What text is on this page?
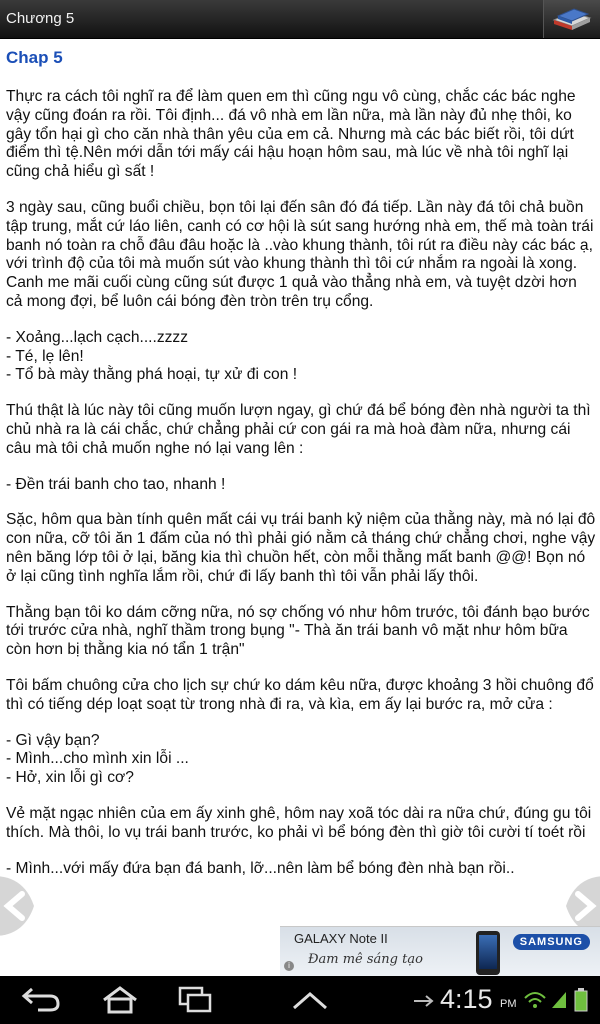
Chương 5
Chap 5

Thực ra cách tôi nghĩ ra để làm quen em thì cũng ngu vô cùng, chắc các bác nghe vậy cũng đoán ra rồi. Tôi định... đá vô nhà em lần nữa, mà lần này đủ nhẹ thôi, ko gây tổn hại gì cho căn nhà thân yêu của em cả. Nhưng mà các bác biết rồi, tôi dứt điểm thì tệ.Nên mới dẫn tới mấy cái hậu hoạn hôm sau, mà lúc về nhà tôi nghĩ lại cũng chả hiểu gì sất !

3 ngày sau, cũng buổi chiều, bọn tôi lại đến sân đó đá tiếp. Lần này đá tôi chả buồn tập trung, mắt cứ láo liên, canh có cơ hội là sút sang hướng nhà em, thế mà toàn trái banh nó toàn ra chỗ đâu đâu hoặc là ..vào khung thành, tôi rút ra điều này các bác ạ, với trình độ của tôi mà muốn sút vào khung thành thì tôi cứ nhắm ra ngoài là xong. Canh me mãi cuối cùng cũng sút được 1 quả vào thẳng nhà em, và tuyệt dzời hơn cả mong đợi, bể luôn cái bóng đèn tròn trên trụ cổng.

- Xoảng...lạch cạch....zzzz
- Té, lẹ lên!
- Tổ bà mày thằng phá hoại, tự xử đi con !

Thú thật là lúc này tôi cũng muốn lượn ngay, gì chứ đá bể bóng đèn nhà người ta thì chủ nhà ra là cái chắc, chứ chẳng phải cứ con gái ra mà hoà đàm nữa, nhưng cái câu mà tôi chả muốn nghe nó lại vang lên :

- Đền trái banh cho tao, nhanh !

Sặc, hôm qua bàn tính quên mất cái vụ trái banh kỷ niệm của thằng này, mà nó lại đô con nữa, cỡ tôi ăn 1 đấm của nó thì phải gió nằm cả tháng chứ chẳng chơi, nghe vậy nên băng lớp tôi ở lại, băng kia thì chuồn hết, còn mỗi thằng mất banh @@! Bọn nó ở lại cũng tình nghĩa lắm rồi, chứ đi lấy banh thì tôi vẫn phải lấy thôi.

Thằng bạn tôi ko dám cỡng nữa, nó sợ chống vó như hôm trước, tôi đánh bạo bước tới trước cửa nhà, nghĩ thầm trong bụng "- Thà ăn trái banh vô mặt như hôm bữa còn hơn bị thằng kia nó tẩn 1 trận"

Tôi bấm chuông cửa cho lịch sự chứ ko dám kêu nữa, được khoảng 3 hồi chuông đổ thì có tiếng dép loạt soạt từ trong nhà đi ra, và kìa, em ấy lại bước ra, mở cửa :

- Gì vậy bạn?
- Mình...cho mình xin lỗi ...
- Hở, xin lỗi gì cơ?

Vẻ mặt ngạc nhiên của em ấy xinh ghê, hôm nay xoã tóc dài ra nữa chứ, đúng gu tôi thích. Mà thôi, lo vụ trái banh trước, ko phải vì bể bóng đèn thì giờ tôi cười tí toét rồi

- Mình...với mấy đứa bạn đá banh, lỡ...nên làm bể bóng đèn nhà bạn rồi..
GALAXY Note II
Đam mê sáng tạo
i
SAMSUNG
4:15 PM
